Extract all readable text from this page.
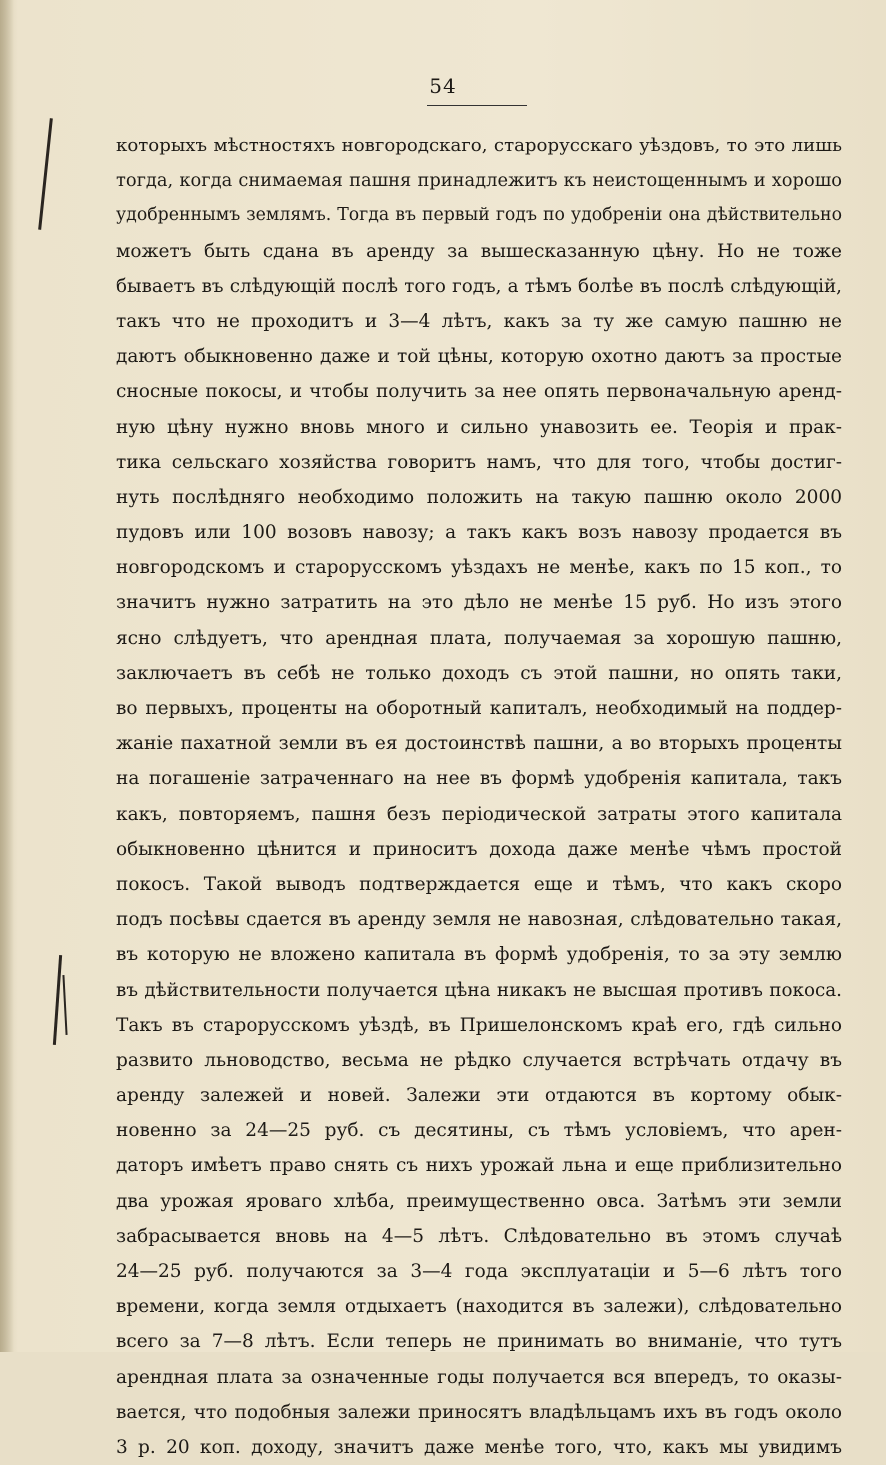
54
которыхъ мѣстностяхъ новгородскаго, старорусскаго уѣздовъ, то это лишь
тогда, когда снимаемая пашня принадлежитъ къ неистощеннымъ и хорошо
удобреннымъ землямъ. Тогда въ первый годъ по удобреніи она дѣйствительно
можетъ быть сдана въ аренду за вышесказанную цѣну. Но не тоже
бываетъ въ слѣдующій послѣ того годъ, а тѣмъ болѣе въ послѣ слѣдующій,
такъ что не проходитъ и 3—4 лѣтъ, какъ за ту же самую пашню не
даютъ обыкновенно даже и той цѣны, которую охотно даютъ за простые
сносные покосы, и чтобы получить за нее опять первоначальную аренд-
ную цѣну нужно вновь много и сильно унавозить ее. Теорія и прак-
тика сельскаго хозяйства говоритъ намъ, что для того, чтобы достиг-
нуть послѣдняго необходимо положить на такую пашню около 2000
пудовъ или 100 возовъ навозу; а такъ какъ возъ навозу продается въ
новгородскомъ и старорусскомъ уѣздахъ не менѣе, какъ по 15 коп., то
значитъ нужно затратить на это дѣло не менѣе 15 руб. Но изъ этого
ясно слѣдуетъ, что арендная плата, получаемая за хорошую пашню,
заключаетъ въ себѣ не только доходъ съ этой пашни, но опять таки,
во первыхъ, проценты на оборотный капиталъ, необходимый на поддер-
жаніе пахатной земли въ ея достоинствѣ пашни, а во вторыхъ проценты
на погашеніе затраченнаго на нее въ формѣ удобренія капитала, такъ
какъ, повторяемъ, пашня безъ періодической затраты этого капитала
обыкновенно цѣнится и приноситъ дохода даже менѣе чѣмъ простой
покосъ. Такой выводъ подтверждается еще и тѣмъ, что какъ скоро
подъ посѣвы сдается въ аренду земля не навозная, слѣдовательно такая,
въ которую не вложено капитала въ формѣ удобренія, то за эту землю
въ дѣйствительности получается цѣна никакъ не высшая противъ покоса.
Такъ въ старорусскомъ уѣздѣ, въ Пришелонскомъ краѣ его, гдѣ сильно
развито льноводство, весьма не рѣдко случается встрѣчать отдачу въ
аренду залежей и новей. Залежи эти отдаются въ кортому обык-
новенно за 24—25 руб. съ десятины, съ тѣмъ условіемъ, что арен-
даторъ имѣетъ право снять съ нихъ урожай льна и еще приблизительно
два урожая яроваго хлѣба, преимущественно овса. Затѣмъ эти земли
забрасывается вновь на 4—5 лѣтъ. Слѣдовательно въ этомъ случаѣ
24—25 руб. получаются за 3—4 года эксплуатаціи и 5—6 лѣтъ того
времени, когда земля отдыхаетъ (находится въ залежи), слѣдовательно
всего за 7—8 лѣтъ. Если теперь не принимать во вниманіе, что тутъ
арендная плата за означенные годы получается вся впередъ, то оказы-
вается, что подобныя залежи приносятъ владѣльцамъ ихъ въ годъ около
3 р. 20 коп. доходу, значитъ даже менѣе того, что, какъ мы увидимъ
